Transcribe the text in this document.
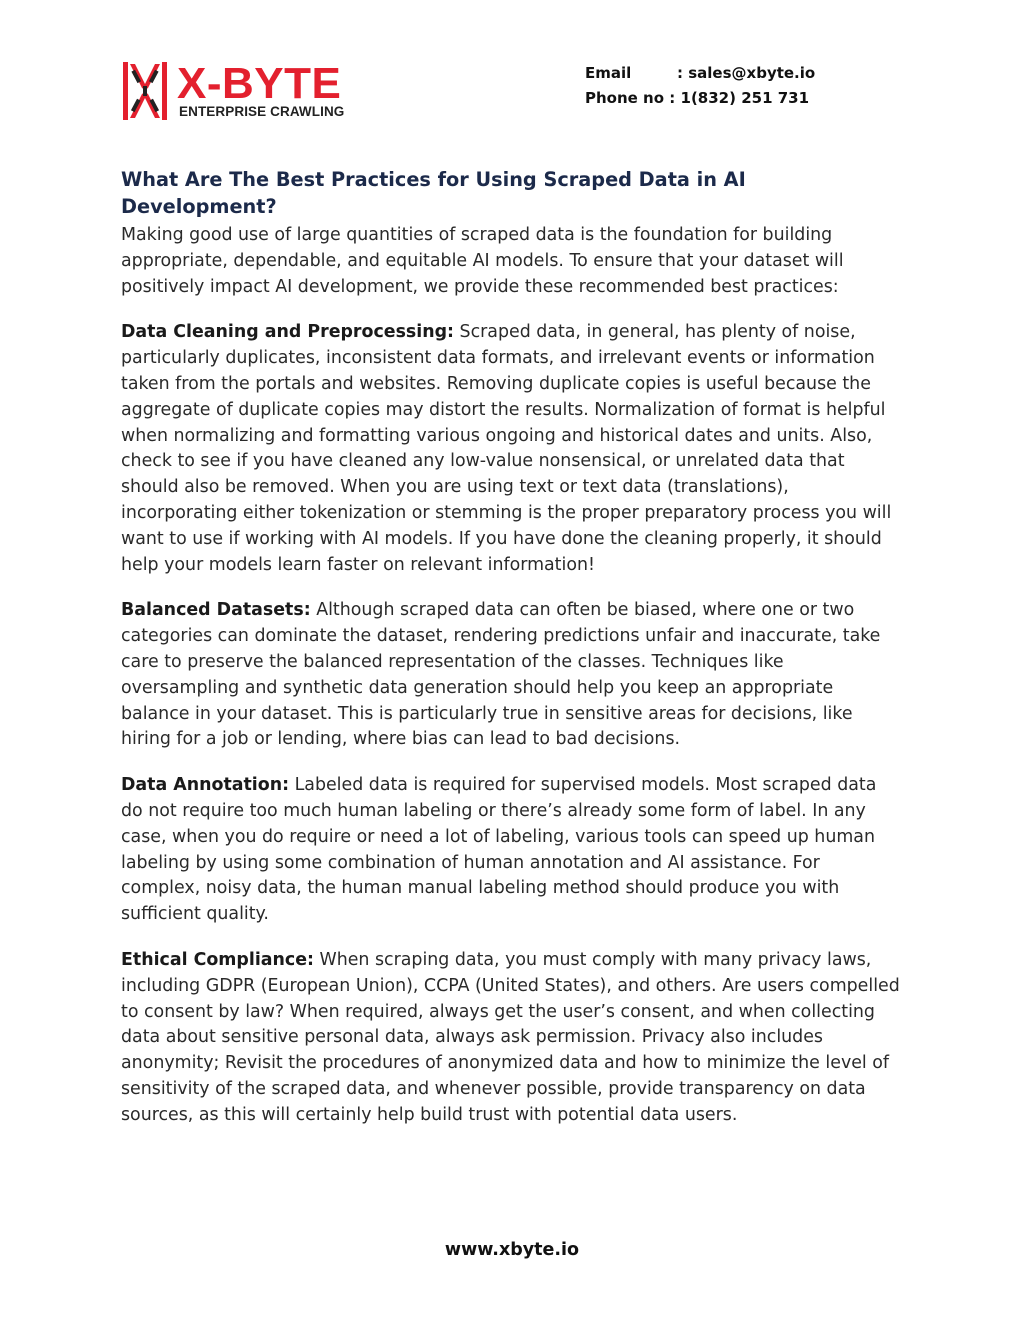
X-BYTE
ENTERPRISE CRAWLING
Email	:
sales@xbyte.io
Phone no
:
1(832) 251 731
What Are The Best Practices for Using Scraped Data in AI Development?

Making good use of large quantities of scraped data is the foundation for building appropriate, dependable, and equitable AI models. To ensure that your dataset will positively impact AI development, we provide these recommended best practices:

Data Cleaning and Preprocessing: Scraped data, in general, has plenty of noise, particularly duplicates, inconsistent data formats, and irrelevant events or information taken from the portals and websites. Removing duplicate copies is useful because the aggregate of duplicate copies may distort the results. Normalization of format is helpful when normalizing and formatting various ongoing and historical dates and units. Also, check to see if you have cleaned any low-value nonsensical, or unrelated data that should also be removed. When you are using text or text data (translations), incorporating either tokenization or stemming is the proper preparatory process you will want to use if working with AI models. If you have done the cleaning properly, it should help your models learn faster on relevant information!

Balanced Datasets: Although scraped data can often be biased, where one or two categories can dominate the dataset, rendering predictions unfair and inaccurate, take care to preserve the balanced representation of the classes. Techniques like oversampling and synthetic data generation should help you keep an appropriate balance in your dataset. This is particularly true in sensitive areas for decisions, like hiring for a job or lending, where bias can lead to bad decisions.

Data Annotation: Labeled data is required for supervised models. Most scraped data do not require too much human labeling or there’s already some form of label. In any case, when you do require or need a lot of labeling, various tools can speed up human labeling by using some combination of human annotation and AI assistance. For complex, noisy data, the human manual labeling method should produce you with sufficient quality.

Ethical Compliance: When scraping data, you must comply with many privacy laws, including GDPR (European Union), CCPA (United States), and others. Are users compelled to consent by law? When required, always get the user’s consent, and when collecting data about sensitive personal data, always ask permission. Privacy also includes anonymity; Revisit the procedures of anonymized data and how to minimize the level of sensitivity of the scraped data, and whenever possible, provide transparency on data sources, as this will certainly help build trust with potential data users.

www.xbyte.io
